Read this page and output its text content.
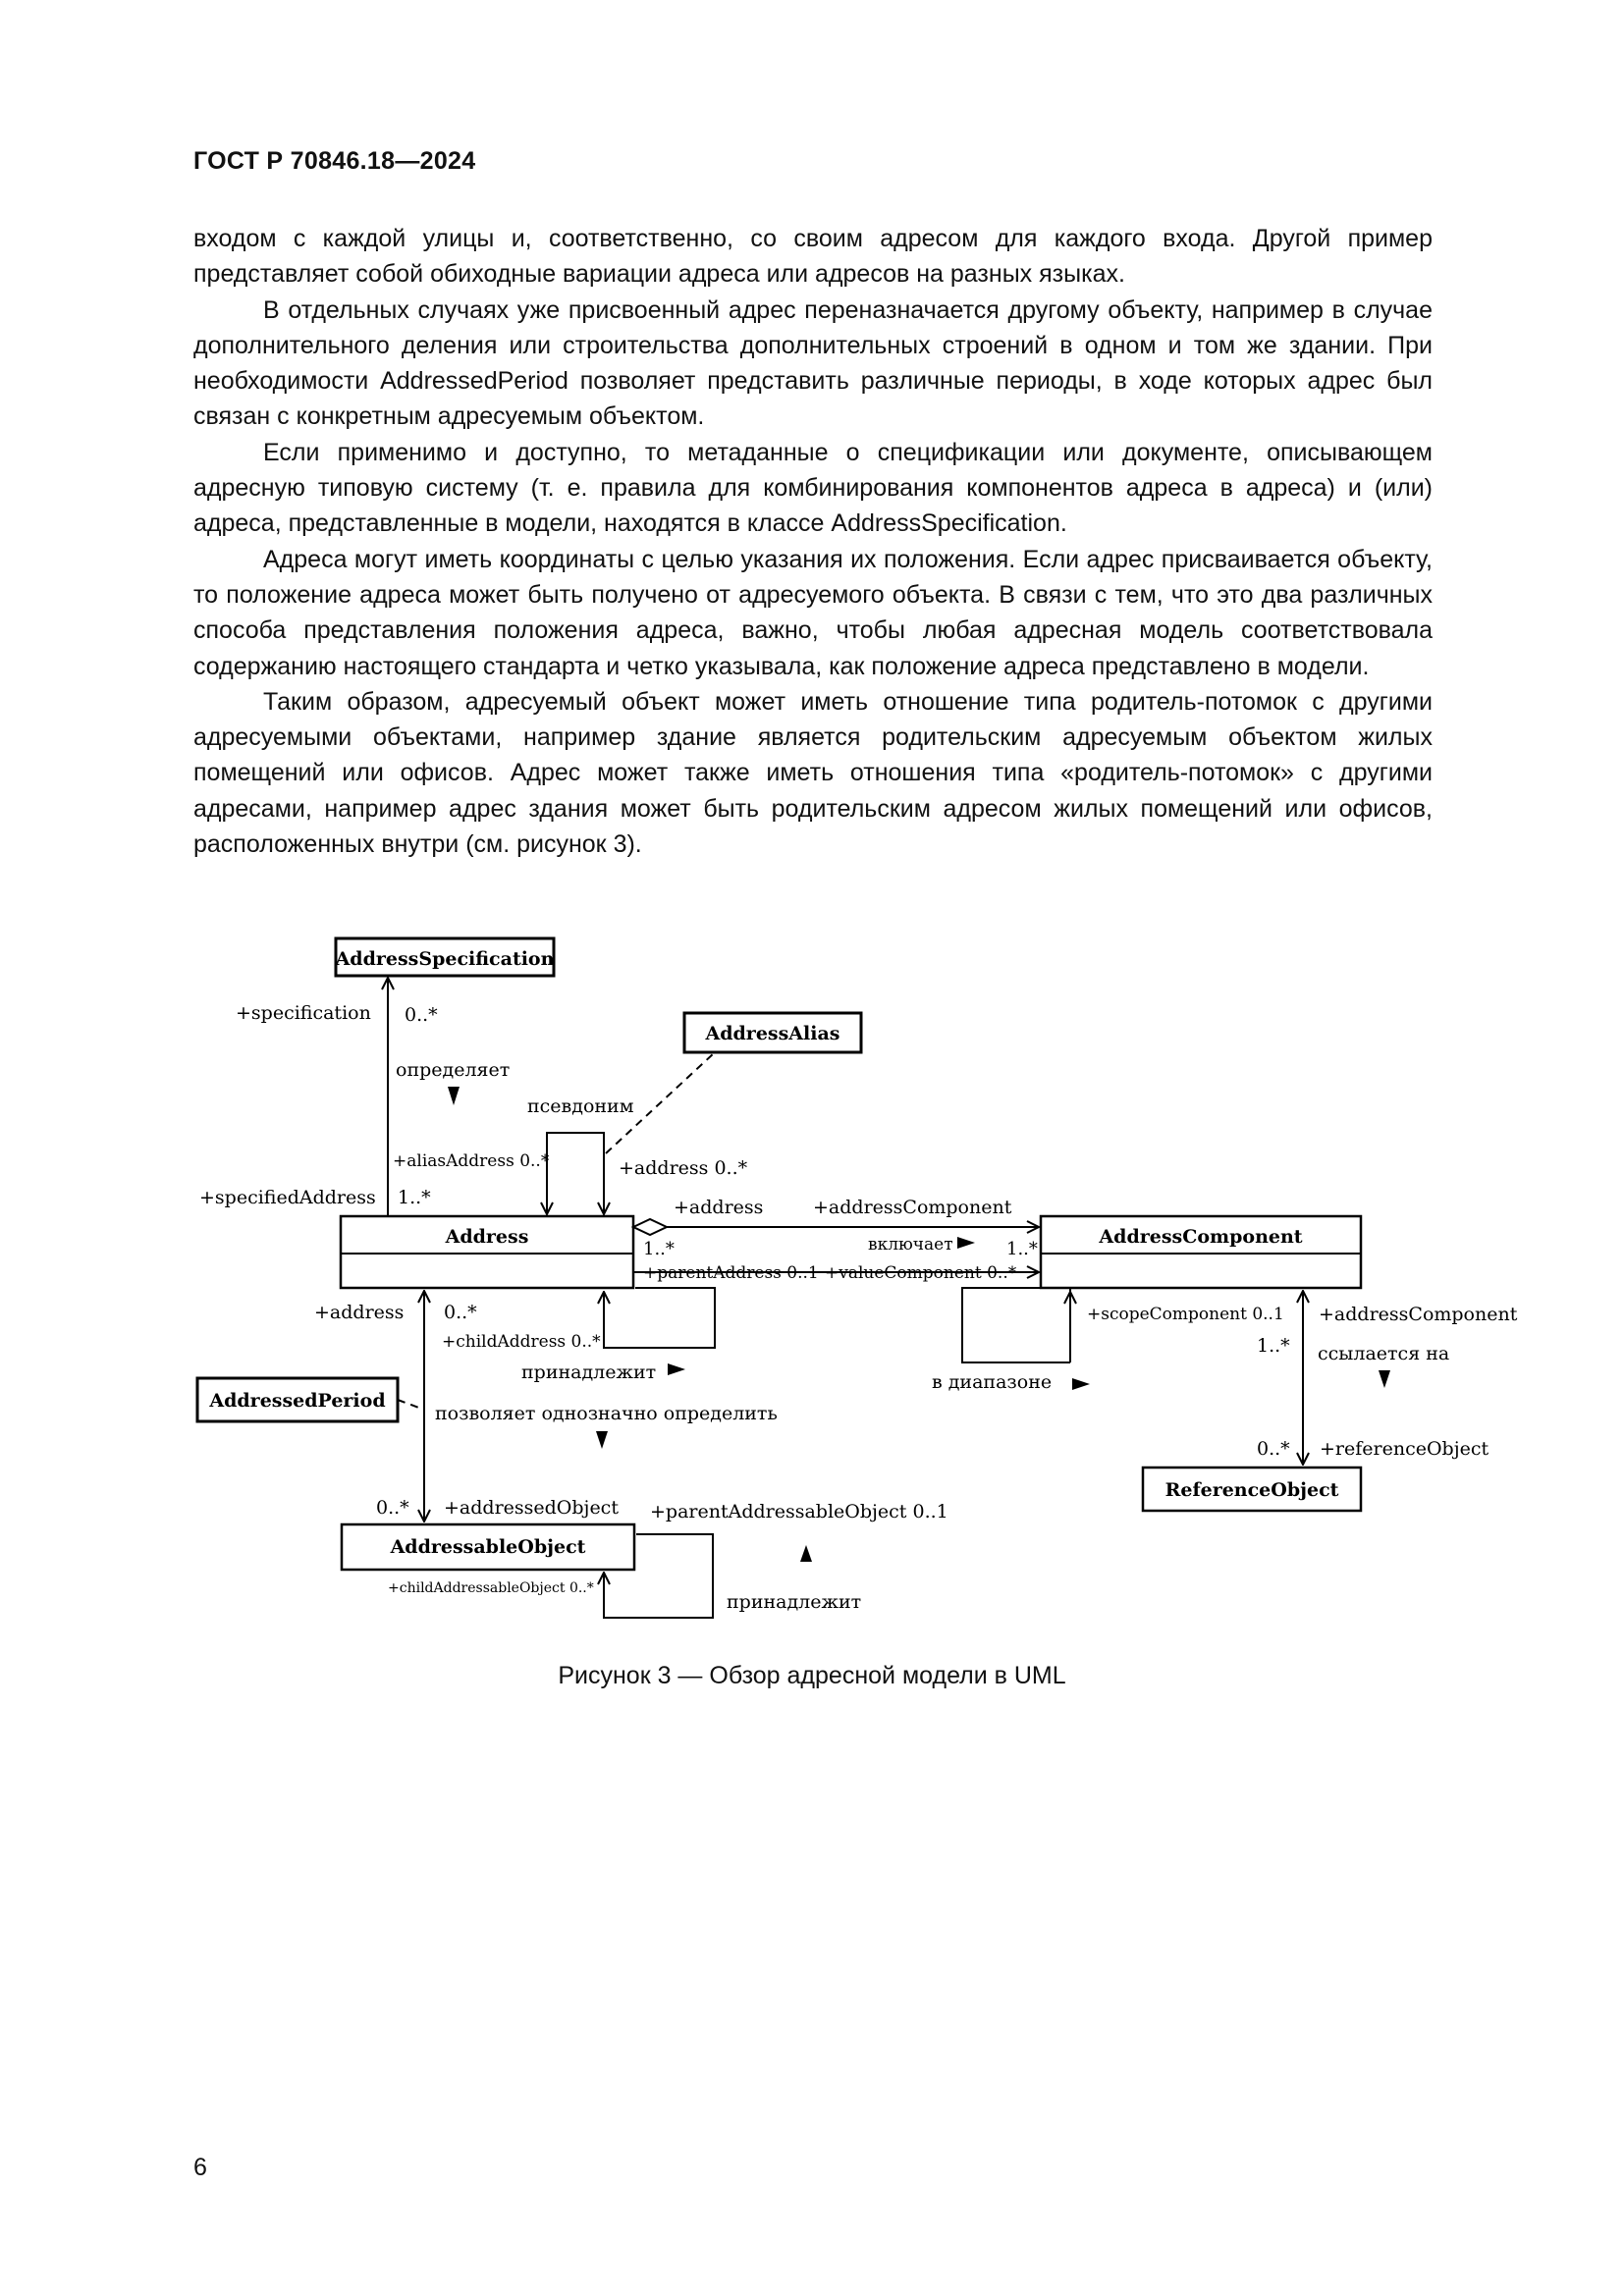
ГОСТ Р 70846.18—2024

входом с каждой улицы и, соответственно, со своим адресом для каждого входа. Другой пример представляет собой обиходные вариации адреса или адресов на разных языках.

В отдельных случаях уже присвоенный адрес переназначается другому объекту, например в случае дополнительного деления или строительства дополнительных строений в одном и том же здании. При необходимости AddressedPeriod позволяет представить различные периоды, в ходе которых адрес был связан с конкретным адресуемым объектом.

Если применимо и доступно, то метаданные о спецификации или документе, описывающем адресную типовую систему (т. е. правила для комбинирования компонентов адреса в адреса) и (или) адреса, представленные в модели, находятся в классе AddressSpecification.

Адреса могут иметь координаты с целью указания их положения. Если адрес присваивается объекту, то положение адреса может быть получено от адресуемого объекта. В связи с тем, что это два различных способа представления положения адреса, важно, чтобы любая адресная модель соответствовала содержанию настоящего стандарта и четко указывала, как положение адреса представлено в модели.

Таким образом, адресуемый объект может иметь отношение типа родитель-потомок с другими адресуемыми объектами, например здание является родительским адресуемым объектом жилых помещений или офисов. Адрес может также иметь отношения типа «родитель-потомок» с другими адресами, например адрес здания может быть родительским адресом жилых помещений или офисов, расположенных внутри (см. рисунок 3).

AddressSpecification
AddressAlias
Address	AddressComponent
AddressedPeriod
ReferenceObject
AddressableObject
+specification 0..*
определяет
псевдоним
+aliasAddress 0..*	+address 0..*
+specifiedAddress 1..*	+address	+addressComponent
включает
1..*	1..*
+parentAddress 0..1 +valueComponent 0..*
+address 0..*
+childAddress 0..*
принадлежит
позволяет однозначно определить
+scopeComponent 0..1
в диапазоне
+addressComponent
1..* ссылается на
0..* +referenceObject
0..* +addressedObject +parentAddressableObject 0..1
+childAddressableObject 0..*
принадлежит
Рисунок 3 — Обзор адресной модели в UML
6
